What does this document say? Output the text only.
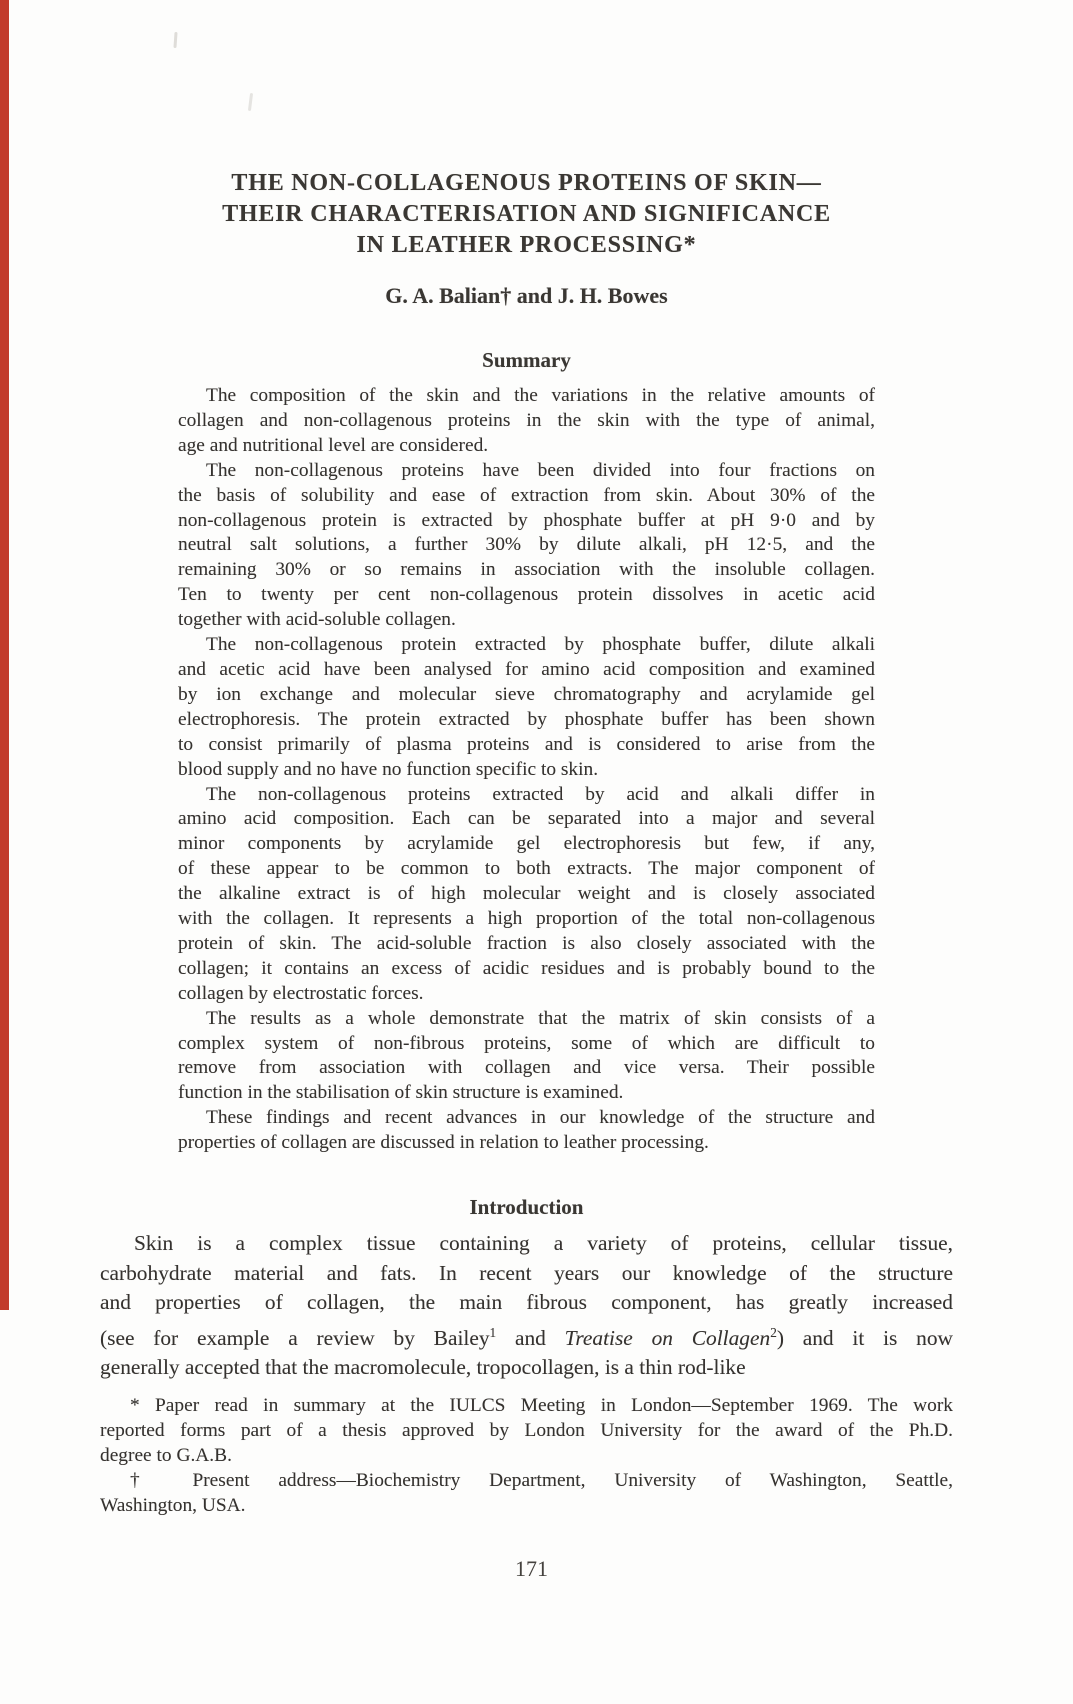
THE NON-COLLAGENOUS PROTEINS OF SKIN—
THEIR CHARACTERISATION AND SIGNIFICANCE
IN LEATHER PROCESSING*
G. A. Balian† and J. H. Bowes
Summary
The composition of the skin and the variations in the relative amounts of
collagen and non-collagenous proteins in the skin with the type of animal,
age and nutritional level are considered.
The non-collagenous proteins have been divided into four fractions on
the basis of solubility and ease of extraction from skin. About 30% of the
non-collagenous protein is extracted by phosphate buffer at pH 9·0 and by
neutral salt solutions, a further 30% by dilute alkali, pH 12·5, and the
remaining 30% or so remains in association with the insoluble collagen.
Ten to twenty per cent non-collagenous protein dissolves in acetic acid
together with acid-soluble collagen.
The non-collagenous protein extracted by phosphate buffer, dilute alkali
and acetic acid have been analysed for amino acid composition and examined
by ion exchange and molecular sieve chromatography and acrylamide gel
electrophoresis. The protein extracted by phosphate buffer has been shown
to consist primarily of plasma proteins and is considered to arise from the
blood supply and no have no function specific to skin.
The non-collagenous proteins extracted by acid and alkali differ in
amino acid composition. Each can be separated into a major and several
minor components by acrylamide gel electrophoresis but few, if any,
of these appear to be common to both extracts. The major component of
the alkaline extract is of high molecular weight and is closely associated
with the collagen. It represents a high proportion of the total non-collagenous
protein of skin. The acid-soluble fraction is also closely associated with the
collagen; it contains an excess of acidic residues and is probably bound to the
collagen by electrostatic forces.
The results as a whole demonstrate that the matrix of skin consists of a
complex system of non-fibrous proteins, some of which are difficult to
remove from association with collagen and vice versa. Their possible
function in the stabilisation of skin structure is examined.
These findings and recent advances in our knowledge of the structure and
properties of collagen are discussed in relation to leather processing.
Introduction
Skin is a complex tissue containing a variety of proteins, cellular tissue,
carbohydrate material and fats. In recent years our knowledge of the structure
and properties of collagen, the main fibrous component, has greatly increased
(see for example a review by Bailey$^1$ and Treatise on Collagen$^2$) and it is now
generally accepted that the macromolecule, tropocollagen, is a thin rod-like
* Paper read in summary at the IULCS Meeting in London—September 1969. The work
reported forms part of a thesis approved by London University for the award of the Ph.D.
degree to G.A.B.
† Present address—Biochemistry Department, University of Washington, Seattle,
Washington, USA.
171
